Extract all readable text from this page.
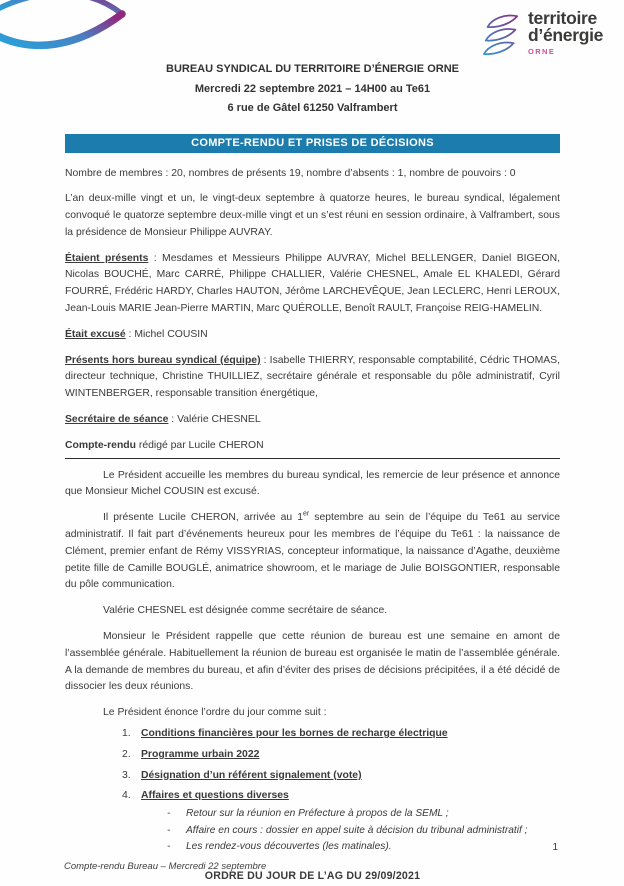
territoire
d’énergie
ORNE
BUREAU SYNDICAL DU TERRITOIRE D’ÉNERGIE ORNE
Mercredi 22 septembre 2021 – 14H00 au Te61
6 rue de Gâtel 61250 Valframbert
COMPTE-RENDU ET PRISES DE DÉCISIONS

Nombre de membres : 20, nombres de présents 19, nombre d’absents : 1, nombre de pouvoirs : 0

L’an deux-mille vingt et un, le vingt-deux septembre à quatorze heures, le bureau syndical, légalement convoqué le quatorze septembre deux-mille vingt et un s’est réuni en session ordinaire, à Valframbert, sous la présidence de Monsieur Philippe AUVRAY.

Étaient présents : Mesdames et Messieurs Philippe AUVRAY, Michel BELLENGER, Daniel BIGEON, Nicolas BOUCHÉ, Marc CARRÉ, Philippe CHALLIER, Valérie CHESNEL, Amale EL KHALEDI, Gérard FOURRÉ, Frédéric HARDY, Charles HAUTON, Jérôme LARCHEVÊQUE, Jean LECLERC, Henri LEROUX, Jean-Louis MARIE Jean-Pierre MARTIN, Marc QUÉROLLE, Benoît RAULT, Françoise REIG-HAMELIN.

Était excusé : Michel COUSIN

Présents hors bureau syndical (équipe) : Isabelle THIERRY, responsable comptabilité, Cédric THOMAS, directeur technique, Christine THUILLIEZ, secrétaire générale et responsable du pôle administratif, Cyril WINTENBERGER, responsable transition énergétique,

Secrétaire de séance : Valérie CHESNEL

Compte-rendu rédigé par Lucile CHERON

Le Président accueille les membres du bureau syndical, les remercie de leur présence et annonce que Monsieur Michel COUSIN est excusé.

Il présente Lucile CHERON, arrivée au 1er septembre au sein de l’équipe du Te61 au service administratif. Il fait part d’événements heureux pour les membres de l’équipe du Te61 : la naissance de Clément, premier enfant de Rémy VISSYRIAS, concepteur informatique, la naissance d’Agathe, deuxième petite fille de Camille BOUGLÉ, animatrice showroom, et le mariage de Julie BOISGONTIER, responsable du pôle communication.

Valérie CHESNEL est désignée comme secrétaire de séance.

Monsieur le Président rappelle que cette réunion de bureau est une semaine en amont de l’assemblée générale. Habituellement la réunion de bureau est organisée le matin de l’assemblée générale. A la demande de membres du bureau, et afin d’éviter des prises de décisions précipitées, il a été décidé de dissocier les deux réunions.

Le Président énonce l’ordre du jour comme suit :

1. Conditions financières pour les bornes de recharge électrique
2. Programme urbain 2022
3. Désignation d’un référent signalement (vote)
4. Affaires et questions diverses
-	Retour sur la réunion en Préfecture à propos de la SEML ;
-	Affaire en cours : dossier en appel suite à décision du tribunal administratif ;
-	Les rendez-vous découvertes (les matinales).
ORDRE DU JOUR DE L’AG DU 29/09/2021
1
Compte-rendu Bureau – Mercredi 22 septembre
